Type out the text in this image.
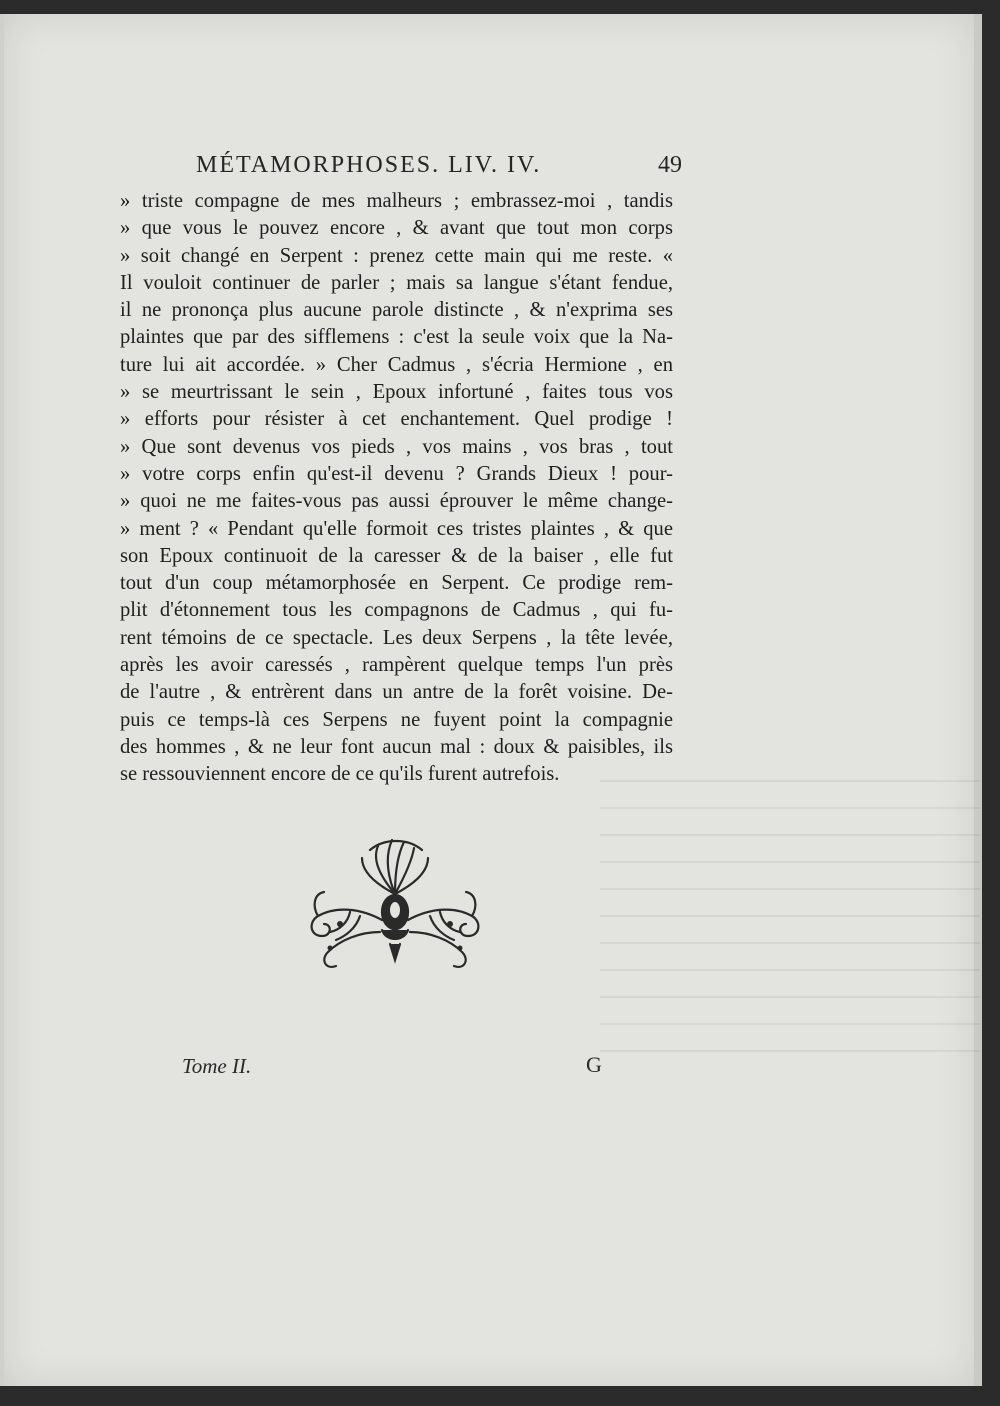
MÉTAMORPHOSES. LIV. IV.	49
» triste compagne de mes malheurs ; embrassez-moi , tandis
» que vous le pouvez encore , & avant que tout mon corps
» soit changé en Serpent : prenez cette main qui me reste. «
Il vouloit continuer de parler ; mais sa langue s'étant fendue,
il ne prononça plus aucune parole distincte , & n'exprima ses
plaintes que par des sifflemens : c'est la seule voix que la Na-
ture lui ait accordée. » Cher Cadmus , s'écria Hermione , en
» se meurtrissant le sein , Epoux infortuné , faites tous vos
» efforts pour résister à cet enchantement. Quel prodige !
» Que sont devenus vos pieds , vos mains , vos bras , tout
» votre corps enfin qu'est-il devenu ? Grands Dieux ! pour-
» quoi ne me faites-vous pas aussi éprouver le même change-
» ment ? « Pendant qu'elle formoit ces tristes plaintes , & que
son Epoux continuoit de la caresser & de la baiser , elle fut
tout d'un coup métamorphosée en Serpent. Ce prodige rem-
plit d'étonnement tous les compagnons de Cadmus , qui fu-
rent témoins de ce spectacle. Les deux Serpens , la tête levée,
après les avoir caressés , rampèrent quelque temps l'un près
de l'autre , & entrèrent dans un antre de la forêt voisine. De-
puis ce temps-là ces Serpens ne fuyent point la compagnie
des hommes , & ne leur font aucun mal : doux & paisibles, ils
se ressouviennent encore de ce qu'ils furent autrefois.
Tome II.	G
